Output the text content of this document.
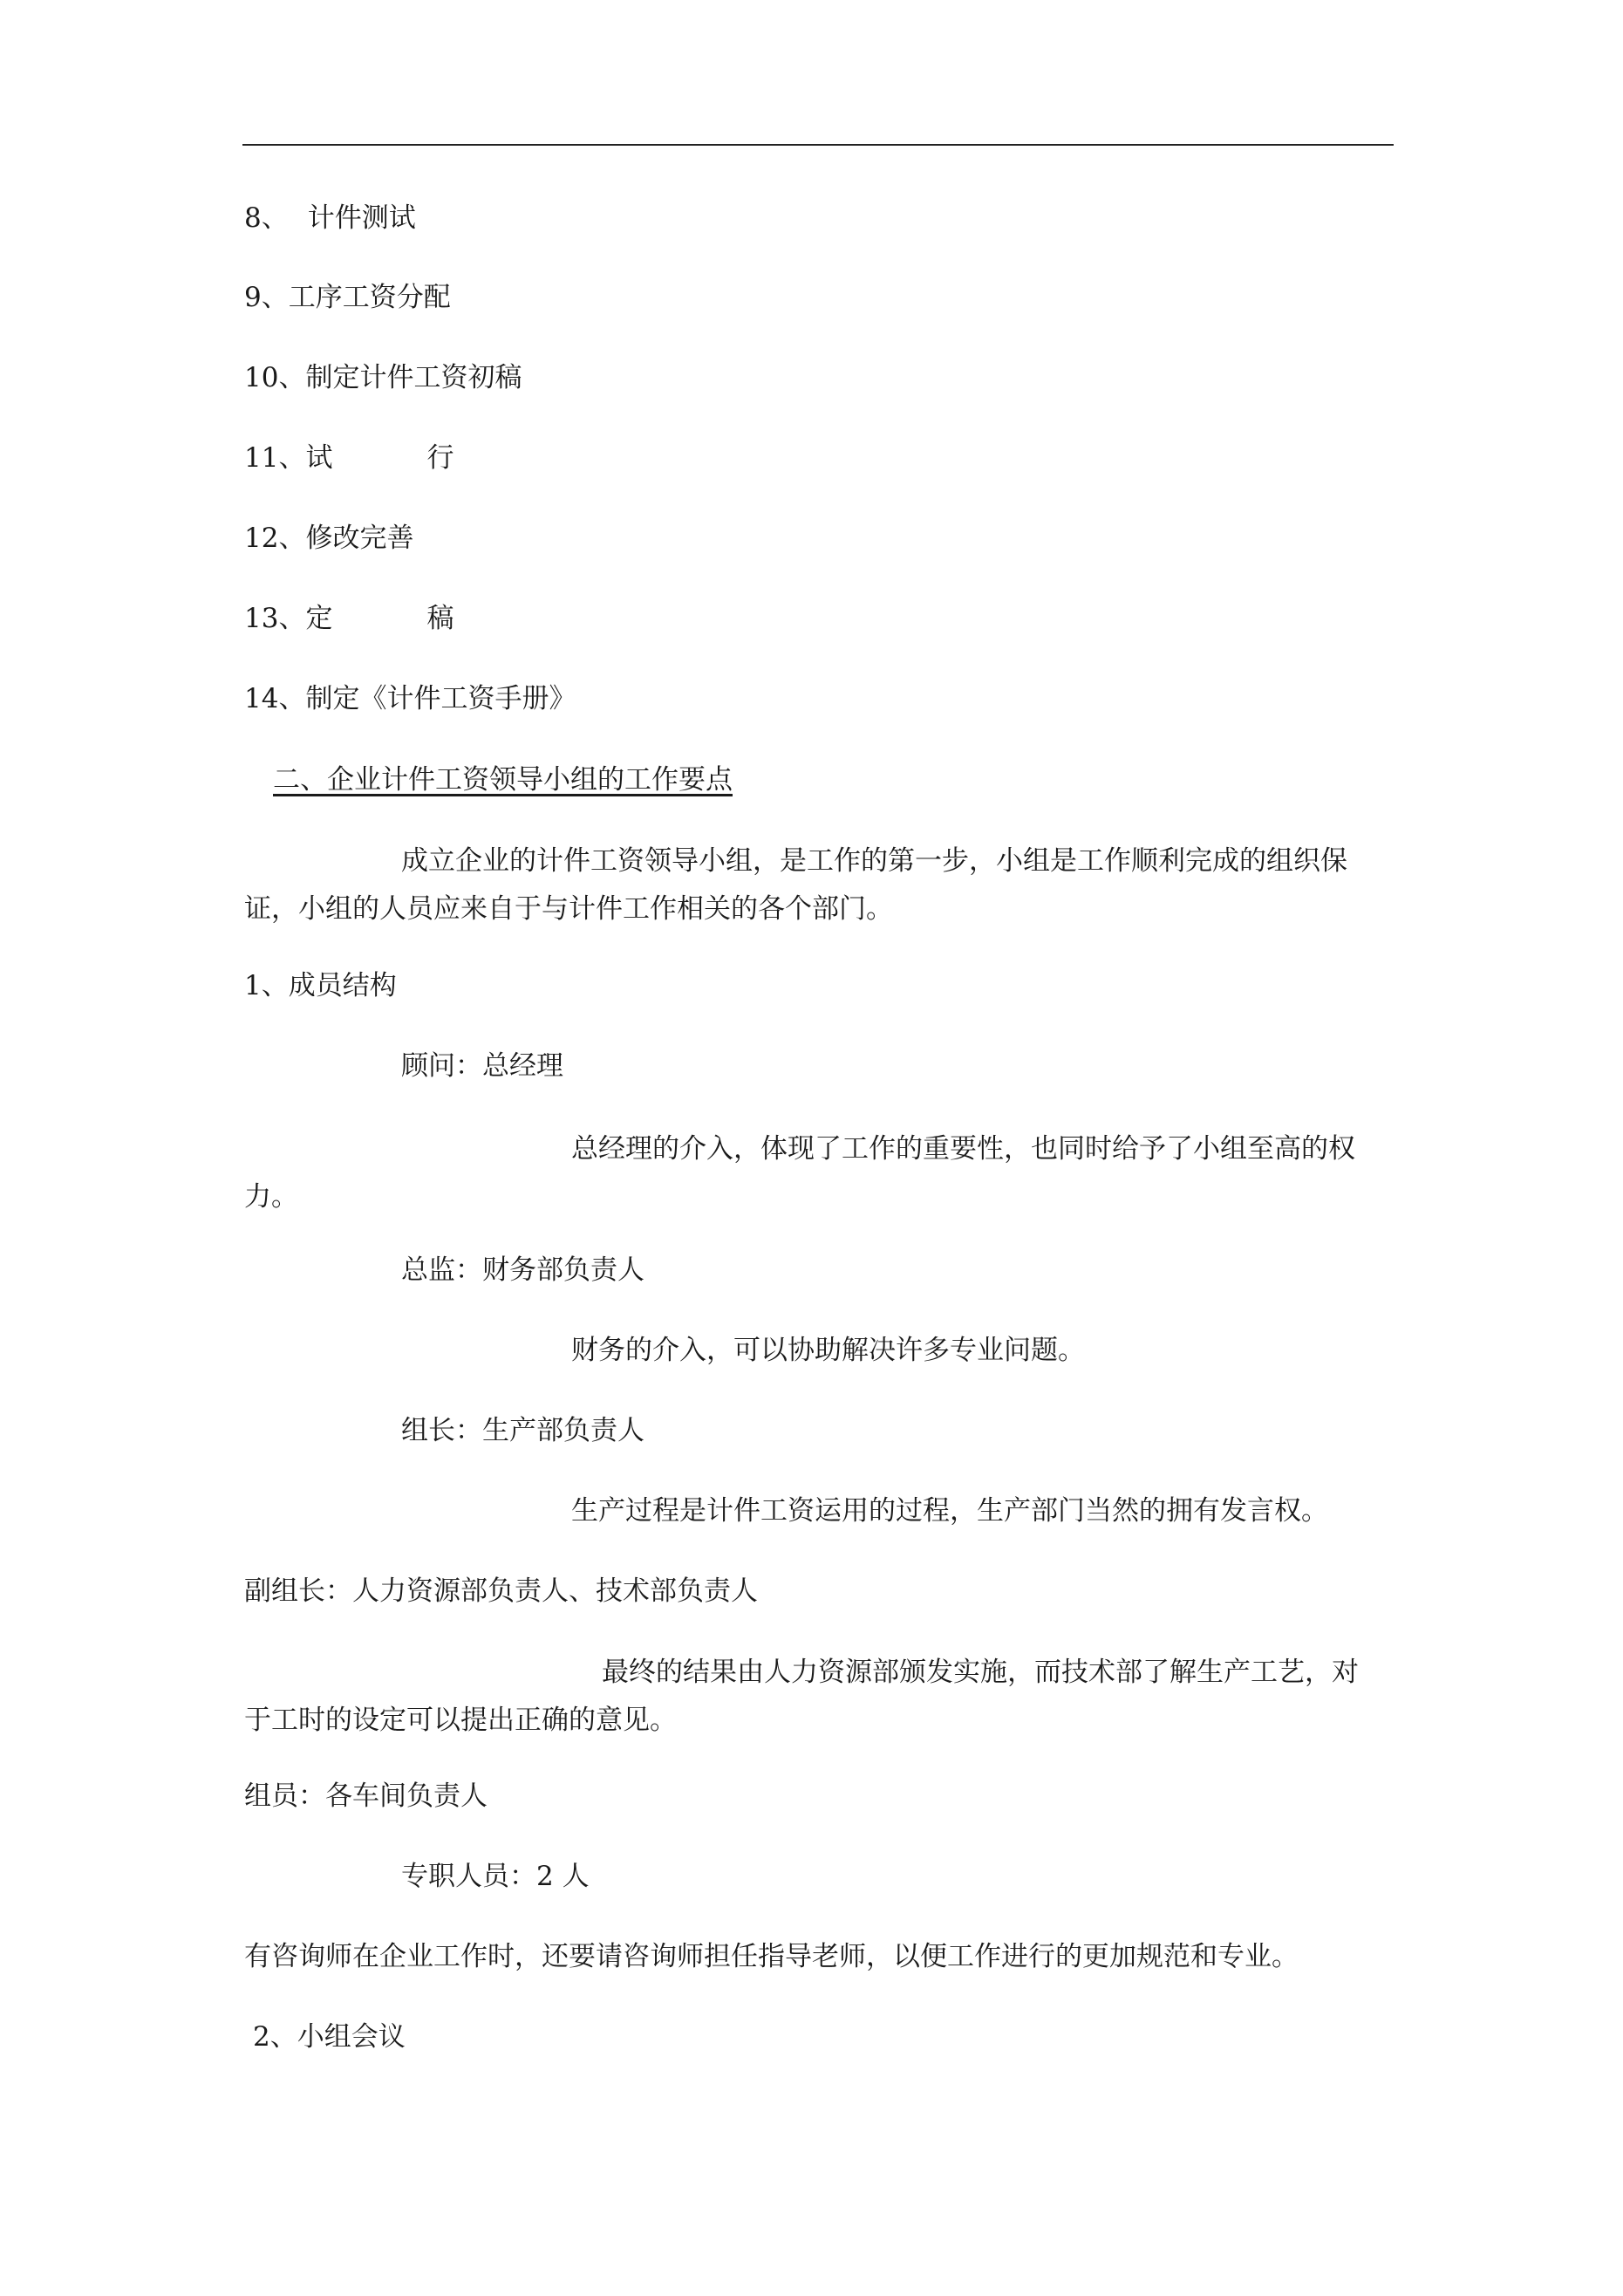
8、 计件测试
9、工序工资分配
10、制定计件工资初稿
11、试	行
12、修改完善
13、定	稿
14、制定《计件工资手册》
二、企业计件工资领导小组的工作要点
成立企业的计件工资领导小组，是工作的第一步，小组是工作顺利完成的组织保证，小组的人员应来自于与计件工作相关的各个部门。
1、成员结构
顾问：总经理
总经理的介入，体现了工作的重要性，也同时给予了小组至高的权力。
总监：财务部负责人
财务的介入，可以协助解决许多专业问题。
组长：生产部负责人
生产过程是计件工资运用的过程，生产部门当然的拥有发言权。
副组长：人力资源部负责人、技术部负责人
最终的结果由人力资源部颁发实施，而技术部了解生产工艺，对于工时的设定可以提出正确的意见。
组员：各车间负责人
专职人员：2 人
有咨询师在企业工作时，还要请咨询师担任指导老师，以便工作进行的更加规范和专业。
2、小组会议
